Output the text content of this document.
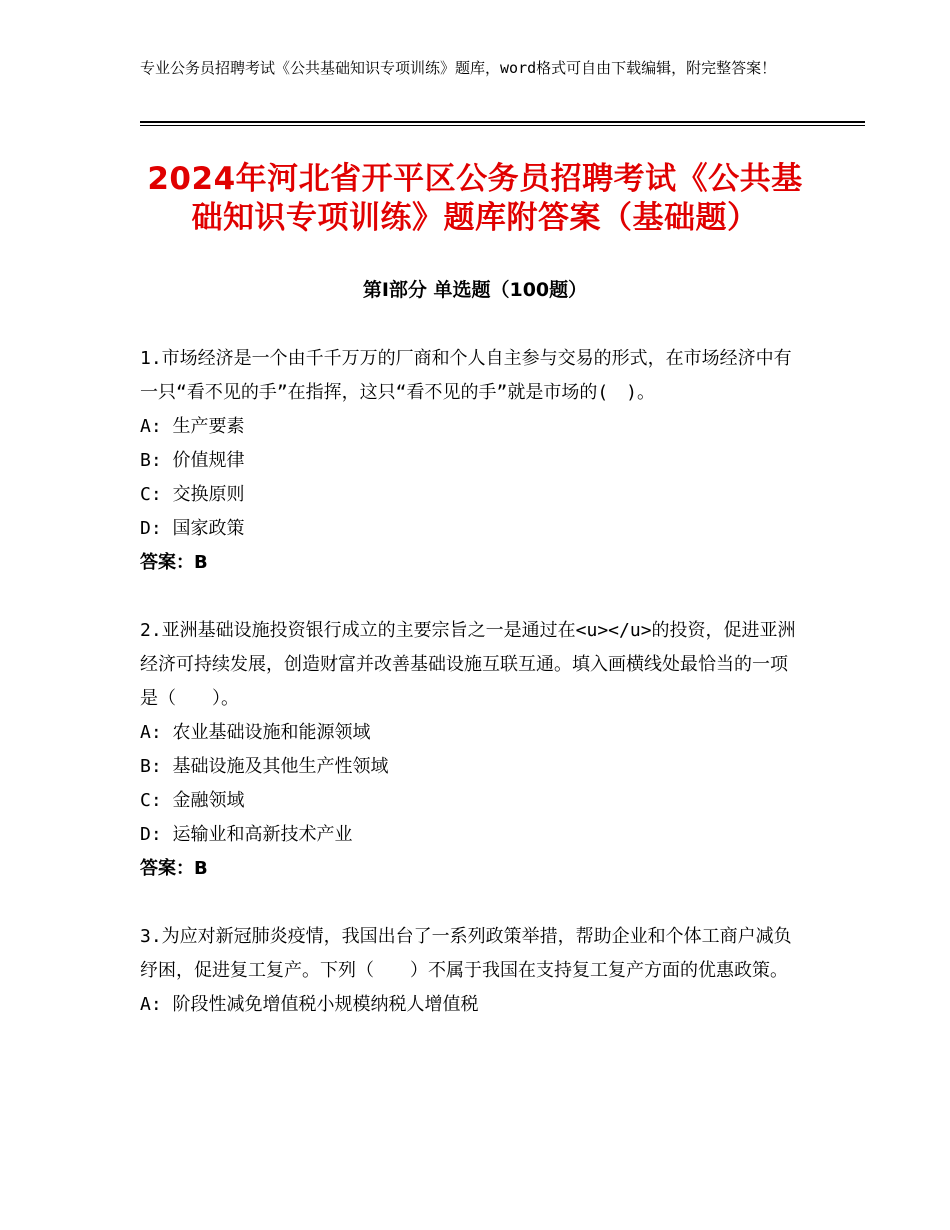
专业公务员招聘考试《公共基础知识专项训练》题库，word格式可自由下载编辑，附完整答案！
2024年河北省开平区公务员招聘考试《公共基础知识专项训练》题库附答案（基础题）
第Ⅰ部分 单选题（100题）

1.市场经济是一个由千千万万的厂商和个人自主参与交易的形式，在市场经济中有一只“看不见的手”在指挥，这只“看不见的手”就是市场的(　)。

A: 生产要素

B: 价值规律

C: 交换原则

D: 国家政策

答案：B

2.亚洲基础设施投资银行成立的主要宗旨之一是通过在<u></u>的投资，促进亚洲经济可持续发展，创造财富并改善基础设施互联互通。填入画横线处最恰当的一项是（　　）。

A: 农业基础设施和能源领域

B: 基础设施及其他生产性领域

C: 金融领域

D: 运输业和高新技术产业

答案：B

3.为应对新冠肺炎疫情，我国出台了一系列政策举措，帮助企业和个体工商户减负纾困，促进复工复产。下列（　　）不属于我国在支持复工复产方面的优惠政策。

A: 阶段性减免增值税小规模纳税人增值税
